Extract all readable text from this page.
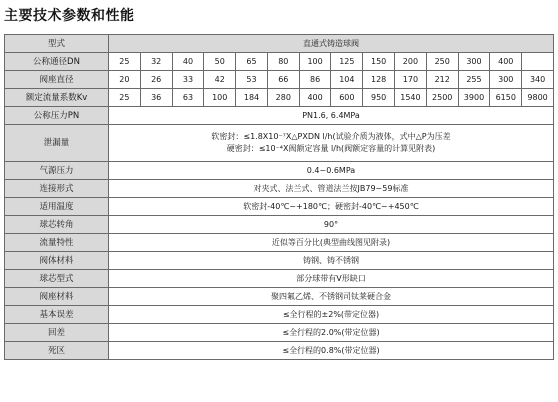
主要技术参数和性能
型式	直通式铸造球阀													
公称通径DN	25	32	40	50	65	80	100	125	150	200	250	300	400	
阀座直径	20	26	33	42	53	66	86	104	128	170	212	255	300	340
额定流量系数Kv	25	36	63	100	184	280	400	600	950	1540	2500	3900	6150	9800
公称压力PN	PN1.6, 6.4MPa													
泄漏量	软密封：≤1.8X10⁻⁷X△PXDN l/h(试验介质为液体，式中△P为压差
硬密封：≤10⁻⁴X阀额定容量 l/h(阀额定容量的计算见附表)													

气源压力	0.4~0.6MPa													
连接形式	对夹式、法兰式、管道法兰按JB79~59标准													
适用温度	软密封-40℃~+180℃；硬密封-40℃~+450℃													
球芯转角	90°													
流量特性	近似等百分比(典型曲线图见附录)													
阀体材料	铸钢、铸不锈钢													
球芯型式	部分球带有V形缺口													
阀座材料	聚四氟乙烯、不锈钢司钛莱硬合金													
基本误差	≤全行程的±2%(带定位器)													
回差	≤全行程的2.0%(带定位器)													
死区	≤全行程的0.8%(带定位器)													
